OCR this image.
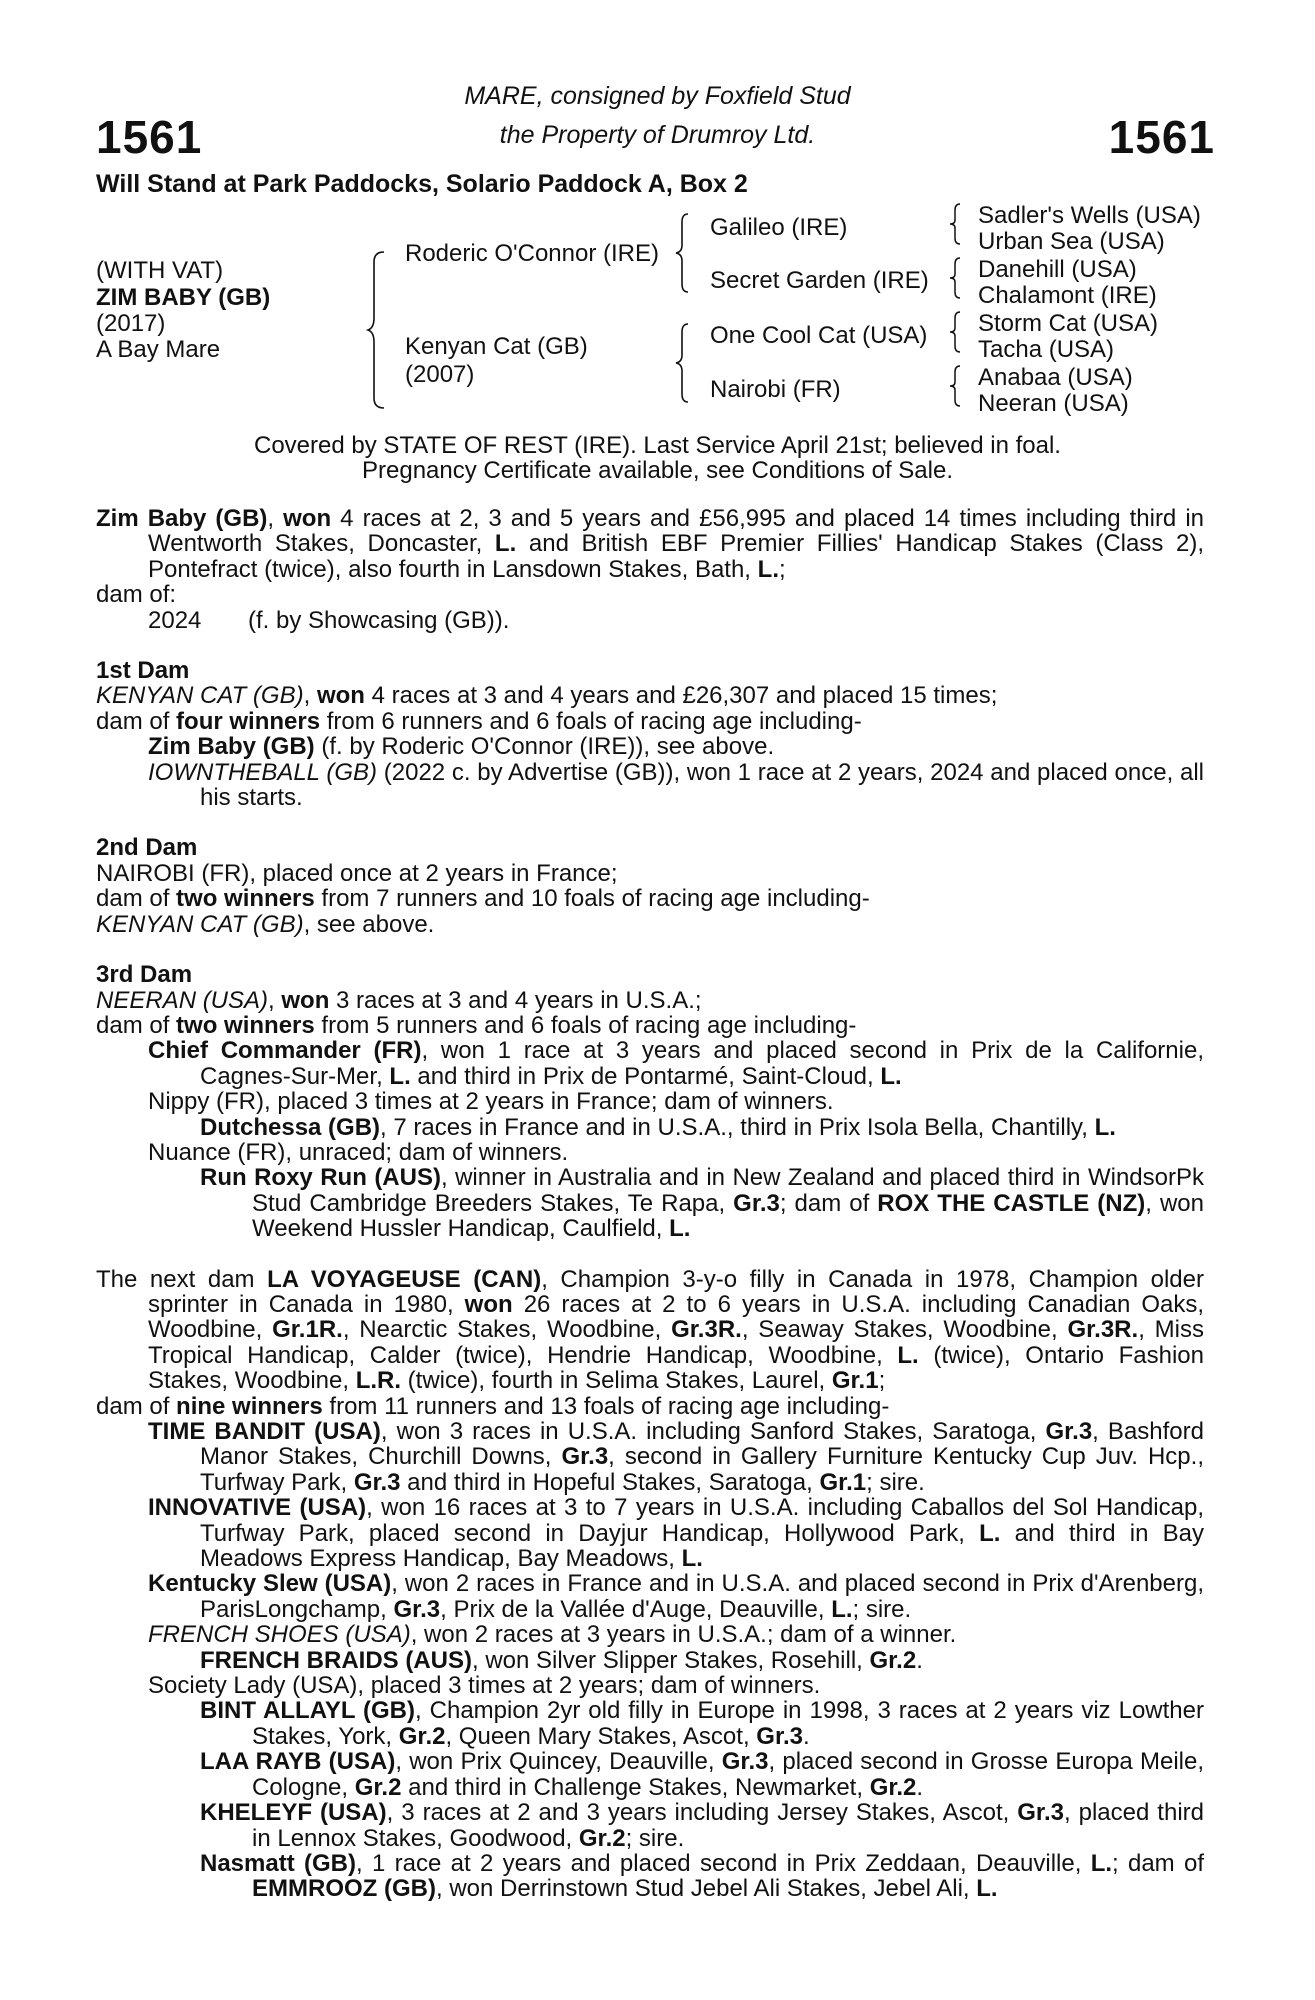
1561	1561
MARE, consigned by Foxfield Stud
the Property of Drumroy Ltd.
Will Stand at Park Paddocks, Solario Paddock A, Box 2
(WITH VAT)
ZIM BABY (GB)
(2017)
A Bay Mare
Roderic O'Connor (IRE)
Kenyan Cat (GB)
(2007)
Galileo (IRE)
Secret Garden (IRE)
One Cool Cat (USA)
Nairobi (FR)
Sadler's Wells (USA)
Urban Sea (USA)
Danehill (USA)
Chalamont (IRE)
Storm Cat (USA)
Tacha (USA)
Anabaa (USA)
Neeran (USA)
Covered by STATE OF REST (IRE). Last Service April 21st; believed in foal.
Pregnancy Certificate available, see Conditions of Sale.

Zim Baby (GB), won 4 races at 2, 3 and 5 years and £56,995 and placed 14 times including third in Wentworth Stakes, Doncaster, L. and British EBF Premier Fillies' Handicap Stakes (Class 2), Pontefract (twice), also fourth in Lansdown Stakes, Bath, L.;

dam of:

2024 (f. by Showcasing (GB)).

1st Dam

KENYAN CAT (GB), won 4 races at 3 and 4 years and £26,307 and placed 15 times;

dam of four winners from 6 runners and 6 foals of racing age including-

Zim Baby (GB) (f. by Roderic O'Connor (IRE)), see above.

IOWNTHEBALL (GB) (2022 c. by Advertise (GB)), won 1 race at 2 years, 2024 and placed once, all his starts.

2nd Dam

NAIROBI (FR), placed once at 2 years in France;

dam of two winners from 7 runners and 10 foals of racing age including-

KENYAN CAT (GB), see above.

3rd Dam

NEERAN (USA), won 3 races at 3 and 4 years in U.S.A.;

dam of two winners from 5 runners and 6 foals of racing age including-

Chief Commander (FR), won 1 race at 3 years and placed second in Prix de la Californie, Cagnes-Sur-Mer, L. and third in Prix de Pontarmé, Saint-Cloud, L.

Nippy (FR), placed 3 times at 2 years in France; dam of winners.

Dutchessa (GB), 7 races in France and in U.S.A., third in Prix Isola Bella, Chantilly, L.

Nuance (FR), unraced; dam of winners.

Run Roxy Run (AUS), winner in Australia and in New Zealand and placed third in WindsorPk Stud Cambridge Breeders Stakes, Te Rapa, Gr.3; dam of ROX THE CASTLE (NZ), won Weekend Hussler Handicap, Caulfield, L.

The next dam LA VOYAGEUSE (CAN), Champion 3-y-o filly in Canada in 1978, Champion older sprinter in Canada in 1980, won 26 races at 2 to 6 years in U.S.A. including Canadian Oaks, Woodbine, Gr.1R., Nearctic Stakes, Woodbine, Gr.3R., Seaway Stakes, Woodbine, Gr.3R., Miss Tropical Handicap, Calder (twice), Hendrie Handicap, Woodbine, L. (twice), Ontario Fashion Stakes, Woodbine, L.R. (twice), fourth in Selima Stakes, Laurel, Gr.1;

dam of nine winners from 11 runners and 13 foals of racing age including-

TIME BANDIT (USA), won 3 races in U.S.A. including Sanford Stakes, Saratoga, Gr.3, Bashford Manor Stakes, Churchill Downs, Gr.3, second in Gallery Furniture Kentucky Cup Juv. Hcp., Turfway Park, Gr.3 and third in Hopeful Stakes, Saratoga, Gr.1; sire.

INNOVATIVE (USA), won 16 races at 3 to 7 years in U.S.A. including Caballos del Sol Handicap, Turfway Park, placed second in Dayjur Handicap, Hollywood Park, L. and third in Bay Meadows Express Handicap, Bay Meadows, L.

Kentucky Slew (USA), won 2 races in France and in U.S.A. and placed second in Prix d'Arenberg, ParisLongchamp, Gr.3, Prix de la Vallée d'Auge, Deauville, L.; sire.

FRENCH SHOES (USA), won 2 races at 3 years in U.S.A.; dam of a winner.

FRENCH BRAIDS (AUS), won Silver Slipper Stakes, Rosehill, Gr.2.

Society Lady (USA), placed 3 times at 2 years; dam of winners.

BINT ALLAYL (GB), Champion 2yr old filly in Europe in 1998, 3 races at 2 years viz Lowther Stakes, York, Gr.2, Queen Mary Stakes, Ascot, Gr.3.

LAA RAYB (USA), won Prix Quincey, Deauville, Gr.3, placed second in Grosse Europa Meile, Cologne, Gr.2 and third in Challenge Stakes, Newmarket, Gr.2.

KHELEYF (USA), 3 races at 2 and 3 years including Jersey Stakes, Ascot, Gr.3, placed third in Lennox Stakes, Goodwood, Gr.2; sire.

Nasmatt (GB), 1 race at 2 years and placed second in Prix Zeddaan, Deauville, L.; dam of EMMROOZ (GB), won Derrinstown Stud Jebel Ali Stakes, Jebel Ali, L.
